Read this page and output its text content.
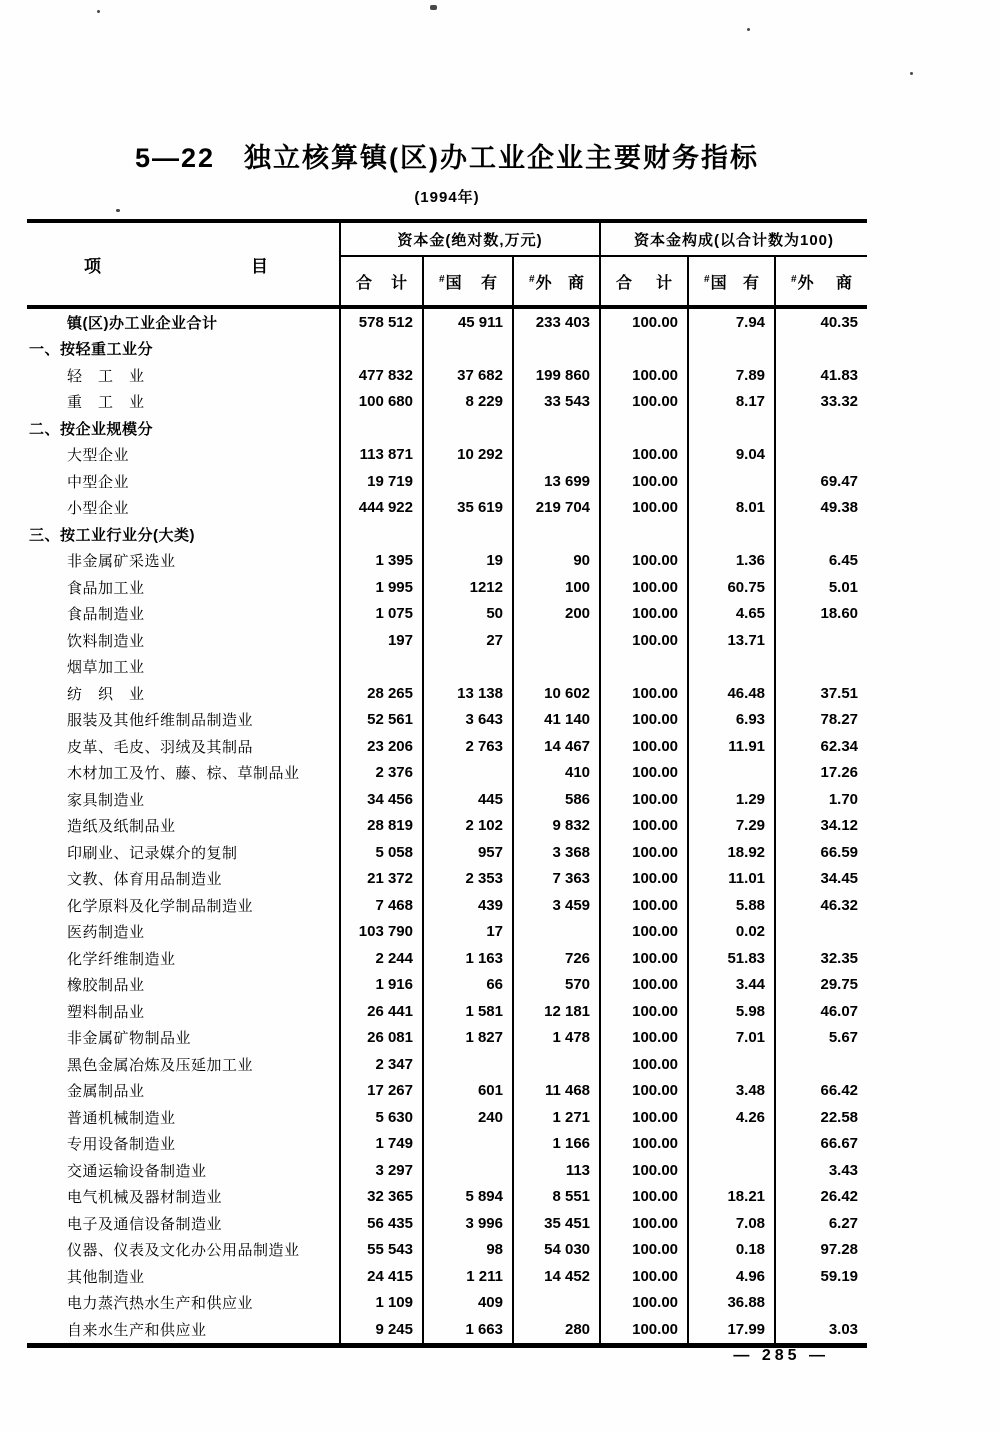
5—22　独立核算镇(区)办工业企业主要财务指标
(1994年)
项 目	资本金(绝对数,万元)			资本金构成(以合计数为100)		

	合 计	#国 有	#外 商	合 计	#国 有	#外 商

镇(区)办工业企业合计	578 512	45 911	233 403	100.00	7.94	40.35
一、按轻重工业分						
轻　工　业	477 832	37 682	199 860	100.00	7.89	41.83
重　工　业	100 680	8 229	33 543	100.00	8.17	33.32
二、按企业规模分						
大型企业	113 871	10 292		100.00	9.04	
中型企业	19 719		13 699	100.00		69.47
小型企业	444 922	35 619	219 704	100.00	8.01	49.38
三、按工业行业分(大类)						
非金属矿采选业	1 395	19	90	100.00	1.36	6.45
食品加工业	1 995	1212	100	100.00	60.75	5.01
食品制造业	1 075	50	200	100.00	4.65	18.60
饮料制造业	197	27		100.00	13.71	
烟草加工业						
纺　织　业	28 265	13 138	10 602	100.00	46.48	37.51
服装及其他纤维制品制造业	52 561	3 643	41 140	100.00	6.93	78.27
皮革、毛皮、羽绒及其制品	23 206	2 763	14 467	100.00	11.91	62.34
木材加工及竹、藤、棕、草制品业	2 376		410	100.00		17.26
家具制造业	34 456	445	586	100.00	1.29	1.70
造纸及纸制品业	28 819	2 102	9 832	100.00	7.29	34.12
印刷业、记录媒介的复制	5 058	957	3 368	100.00	18.92	66.59
文教、体育用品制造业	21 372	2 353	7 363	100.00	11.01	34.45
化学原料及化学制品制造业	7 468	439	3 459	100.00	5.88	46.32
医药制造业	103 790	17		100.00	0.02	
化学纤维制造业	2 244	1 163	726	100.00	51.83	32.35
橡胶制品业	1 916	66	570	100.00	3.44	29.75
塑料制品业	26 441	1 581	12 181	100.00	5.98	46.07
非金属矿物制品业	26 081	1 827	1 478	100.00	7.01	5.67
黑色金属冶炼及压延加工业	2 347			100.00		
金属制品业	17 267	601	11 468	100.00	3.48	66.42
普通机械制造业	5 630	240	1 271	100.00	4.26	22.58
专用设备制造业	1 749		1 166	100.00		66.67
交通运输设备制造业	3 297		113	100.00		3.43
电气机械及器材制造业	32 365	5 894	8 551	100.00	18.21	26.42
电子及通信设备制造业	56 435	3 996	35 451	100.00	7.08	6.27
仪器、仪表及文化办公用品制造业	55 543	98	54 030	100.00	0.18	97.28
其他制造业	24 415	1 211	14 452	100.00	4.96	59.19
电力蒸汽热水生产和供应业	1 109	409		100.00	36.88	
自来水生产和供应业	9 245	1 663	280	100.00	17.99	3.03
— 285 —
